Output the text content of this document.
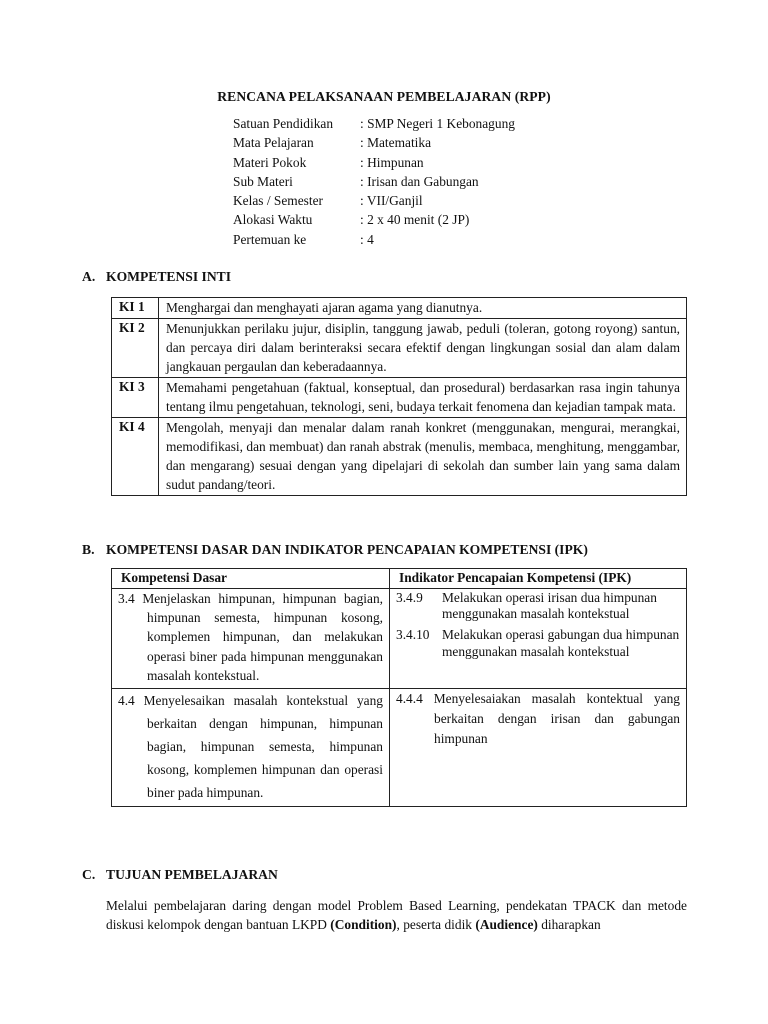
RENCANA PELAKSANAAN PEMBELAJARAN (RPP)
Satuan Pendidikan	: SMP Negeri 1 Kebonagung
Mata Pelajaran	: Matematika
Materi Pokok	: Himpunan
Sub Materi	: Irisan dan Gabungan
Kelas / Semester	: VII/Ganjil
Alokasi Waktu	: 2 x 40 menit (2 JP)
Pertemuan ke	: 4
A. KOMPETENSI INTI
KI 1	Menghargai dan menghayati ajaran agama yang dianutnya.
KI 2	Menunjukkan perilaku jujur, disiplin, tanggung jawab, peduli (toleran, gotong royong) santun, dan percaya diri dalam berinteraksi secara efektif dengan lingkungan sosial dan alam dalam jangkauan pergaulan dan keberadaannya.
KI 3	Memahami pengetahuan (faktual, konseptual, dan prosedural) berdasarkan rasa ingin tahunya tentang ilmu pengetahuan, teknologi, seni, budaya terkait fenomena dan kejadian tampak mata.
KI 4	Mengolah, menyaji dan menalar dalam ranah konkret (menggunakan, mengurai, merangkai, memodifikasi, dan membuat) dan ranah abstrak (menulis, membaca, menghitung, menggambar, dan mengarang) sesuai dengan yang dipelajari di sekolah dan sumber lain yang sama dalam sudut pandang/teori.
B. KOMPETENSI DASAR DAN INDIKATOR PENCAPAIAN KOMPETENSI (IPK)
Kompetensi Dasar	Indikator Pencapaian Kompetensi (IPK)

3.4 Menjelaskan himpunan, himpunan bagian, himpunan semesta, himpunan kosong, komplemen himpunan, dan melakukan operasi biner pada himpunan menggunakan masalah kontekstual.	3.4.9 Melakukan operasi irisan dua himpunan menggunakan masalah kontekstual
3.4.10 Melakukan operasi gabungan dua himpunan menggunakan masalah kontekstual

4.4 Menyelesaikan masalah kontekstual yang berkaitan dengan himpunan, himpunan bagian, himpunan semesta, himpunan kosong, komplemen himpunan dan operasi biner pada himpunan.	4.4.4 Menyelesaiakan masalah kontektual yang berkaitan dengan irisan dan gabungan himpunan
C. TUJUAN PEMBELAJARAN
Melalui pembelajaran daring dengan model Problem Based Learning, pendekatan TPACK dan metode diskusi kelompok dengan bantuan LKPD (Condition), peserta didik (Audience) diharapkan
